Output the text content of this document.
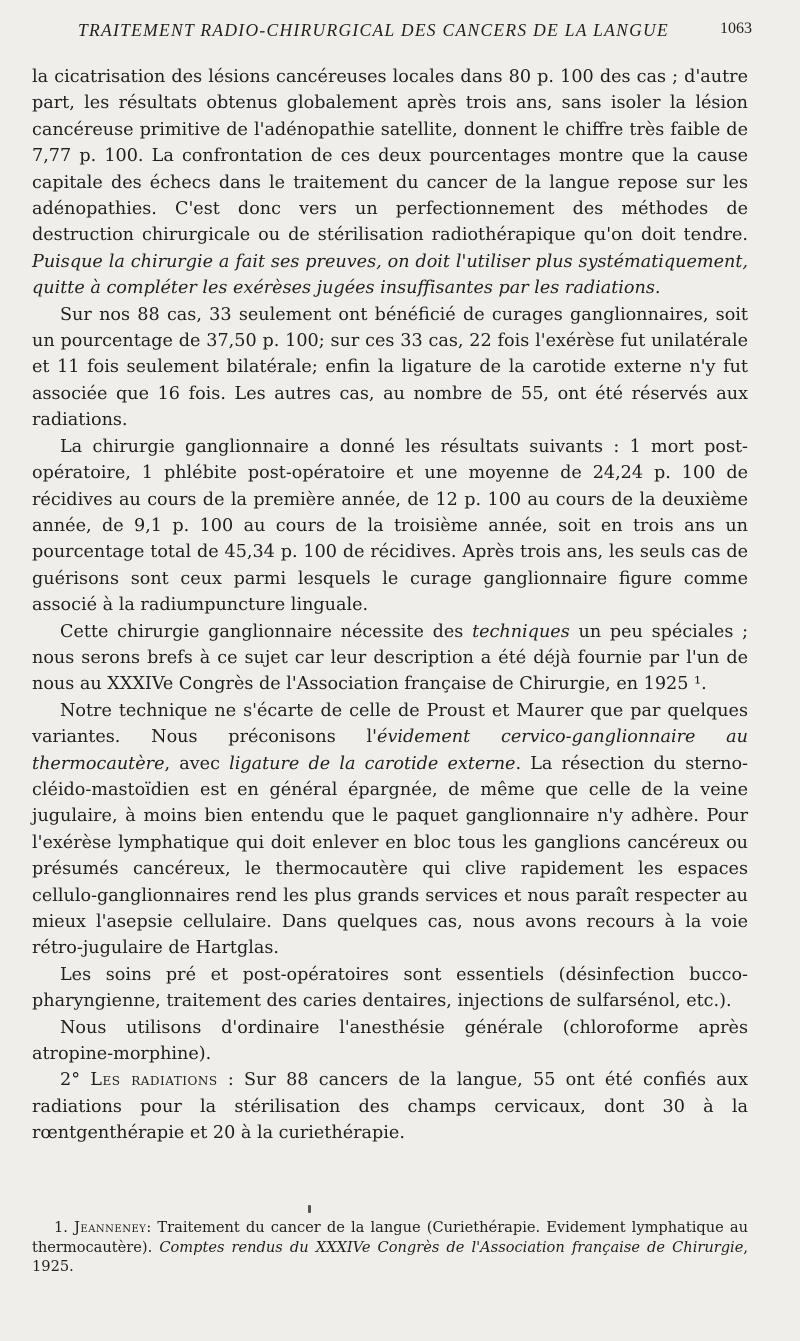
TRAITEMENT RADIO-CHIRURGICAL DES CANCERS DE LA LANGUE	1063

la cicatrisation des lésions cancéreuses locales dans 80 p. 100 des cas ; d'autre part, les résultats obtenus globalement après trois ans, sans isoler la lésion cancéreuse primitive de l'adénopathie satellite, donnent le chiffre très faible de 7,77 p. 100. La confrontation de ces deux pourcentages montre que la cause capitale des échecs dans le traitement du cancer de la langue repose sur les adénopathies. C'est donc vers un perfectionnement des méthodes de destruction chirurgicale ou de stérilisation radiothérapique qu'on doit tendre. Puisque la chirurgie a fait ses preuves, on doit l'utiliser plus systématiquement, quitte à compléter les exérèses jugées insuffisantes par les radiations.

Sur nos 88 cas, 33 seulement ont bénéficié de curages ganglionnaires, soit un pourcentage de 37,50 p. 100; sur ces 33 cas, 22 fois l'exérèse fut unilatérale et 11 fois seulement bilatérale; enfin la ligature de la carotide externe n'y fut associée que 16 fois. Les autres cas, au nombre de 55, ont été réservés aux radiations.

La chirurgie ganglionnaire a donné les résultats suivants : 1 mort post-opératoire, 1 phlébite post-opératoire et une moyenne de 24,24 p. 100 de récidives au cours de la première année, de 12 p. 100 au cours de la deuxième année, de 9,1 p. 100 au cours de la troisième année, soit en trois ans un pourcentage total de 45,34 p. 100 de récidives. Après trois ans, les seuls cas de guérisons sont ceux parmi lesquels le curage ganglionnaire figure comme associé à la radiumpuncture linguale.

Cette chirurgie ganglionnaire nécessite des techniques un peu spéciales ; nous serons brefs à ce sujet car leur description a été déjà fournie par l'un de nous au XXXIVe Congrès de l'Association française de Chirurgie, en 1925 ¹.

Notre technique ne s'écarte de celle de Proust et Maurer que par quelques variantes. Nous préconisons l'évidement cervico-ganglionnaire au thermocautère, avec ligature de la carotide externe. La résection du sterno-cléido-mastoïdien est en général épargnée, de même que celle de la veine jugulaire, à moins bien entendu que le paquet ganglionnaire n'y adhère. Pour l'exérèse lymphatique qui doit enlever en bloc tous les ganglions cancéreux ou présumés cancéreux, le thermocautère qui clive rapidement les espaces cellulo-ganglionnaires rend les plus grands services et nous paraît respecter au mieux l'asepsie cellulaire. Dans quelques cas, nous avons recours à la voie rétro-jugulaire de Hartglas.

Les soins pré et post-opératoires sont essentiels (désinfection bucco-pharyngienne, traitement des caries dentaires, injections de sulfarsénol, etc.).

Nous utilisons d'ordinaire l'anesthésie générale (chloroforme après atropine-morphine).

2° Les radiations : Sur 88 cancers de la langue, 55 ont été confiés aux radiations pour la stérilisation des champs cervicaux, dont 30 à la rœntgenthérapie et 20 à la curiethérapie.

1. Jeanneney: Traitement du cancer de la langue (Curiethérapie. Evidement lymphatique au thermocautère). Comptes rendus du XXXIVe Congrès de l'Association française de Chirurgie, 1925.
